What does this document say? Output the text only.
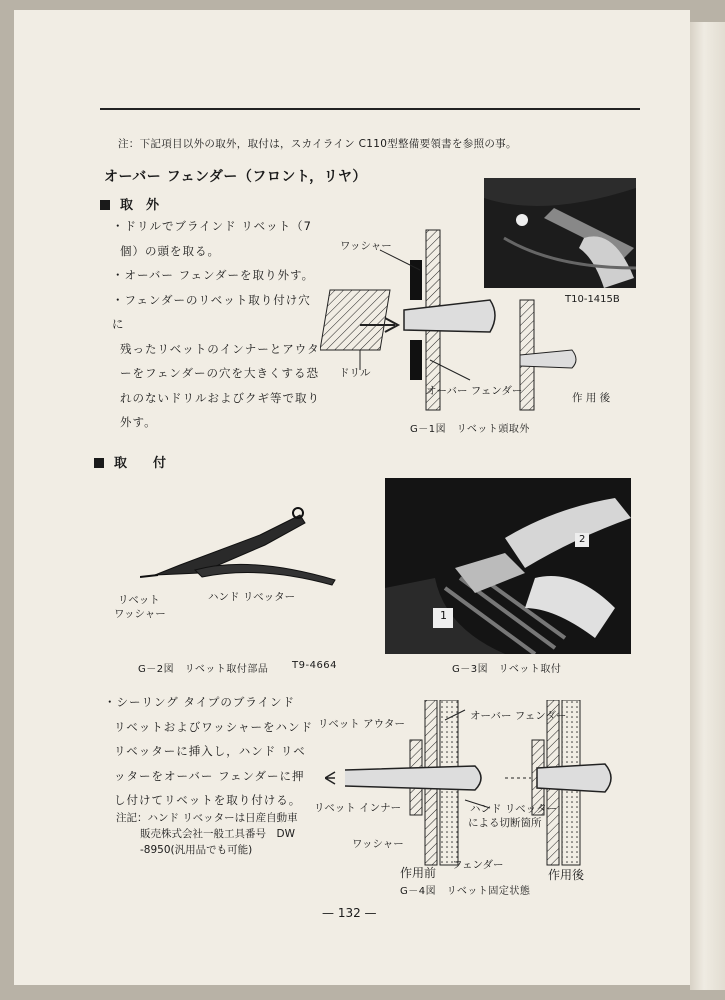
注：下記項目以外の取外，取付は，スカイライン C110型整備要領書を参照の事。
オーバー フェンダー（フロント，リヤ）
取　外
・ドリルでブラインド リベット（7
個）の頭を取る。
・オーバー フェンダーを取り外す。
・フェンダーのリベット取り付け穴に
残ったリベットのインナーとアウタ
ーをフェンダーの穴を大きくする恐
れのないドリルおよびクギ等で取り
外す。
T10-1415B
ワッシャー
ドリル
オーバー フェンダー
作 用 後
G－1図　リベット頭取外
取　　付
リベット
ワッシャー
ハンド リベッター
G－2図　リベット取付部品 T9-4664
1
2
G－3図　リベット取付
・シーリング タイプのブラインド
リベットおよびワッシャーをハンド
リベッターに挿入し，ハンド リベ
ッターをオーバー フェンダーに押
し付けてリベットを取り付ける。
注記：ハンド リベッターは日産自動車
販売株式会社一般工具番号　DW
-8950(汎用品でも可能)
リベット アウター
オーバー フェンダー
リベット インナー	ハンド リベッター
による切断箇所
ワッシャー
フェンダー
作用前	作用後
G－4図　リベット固定状態
— 132 —
